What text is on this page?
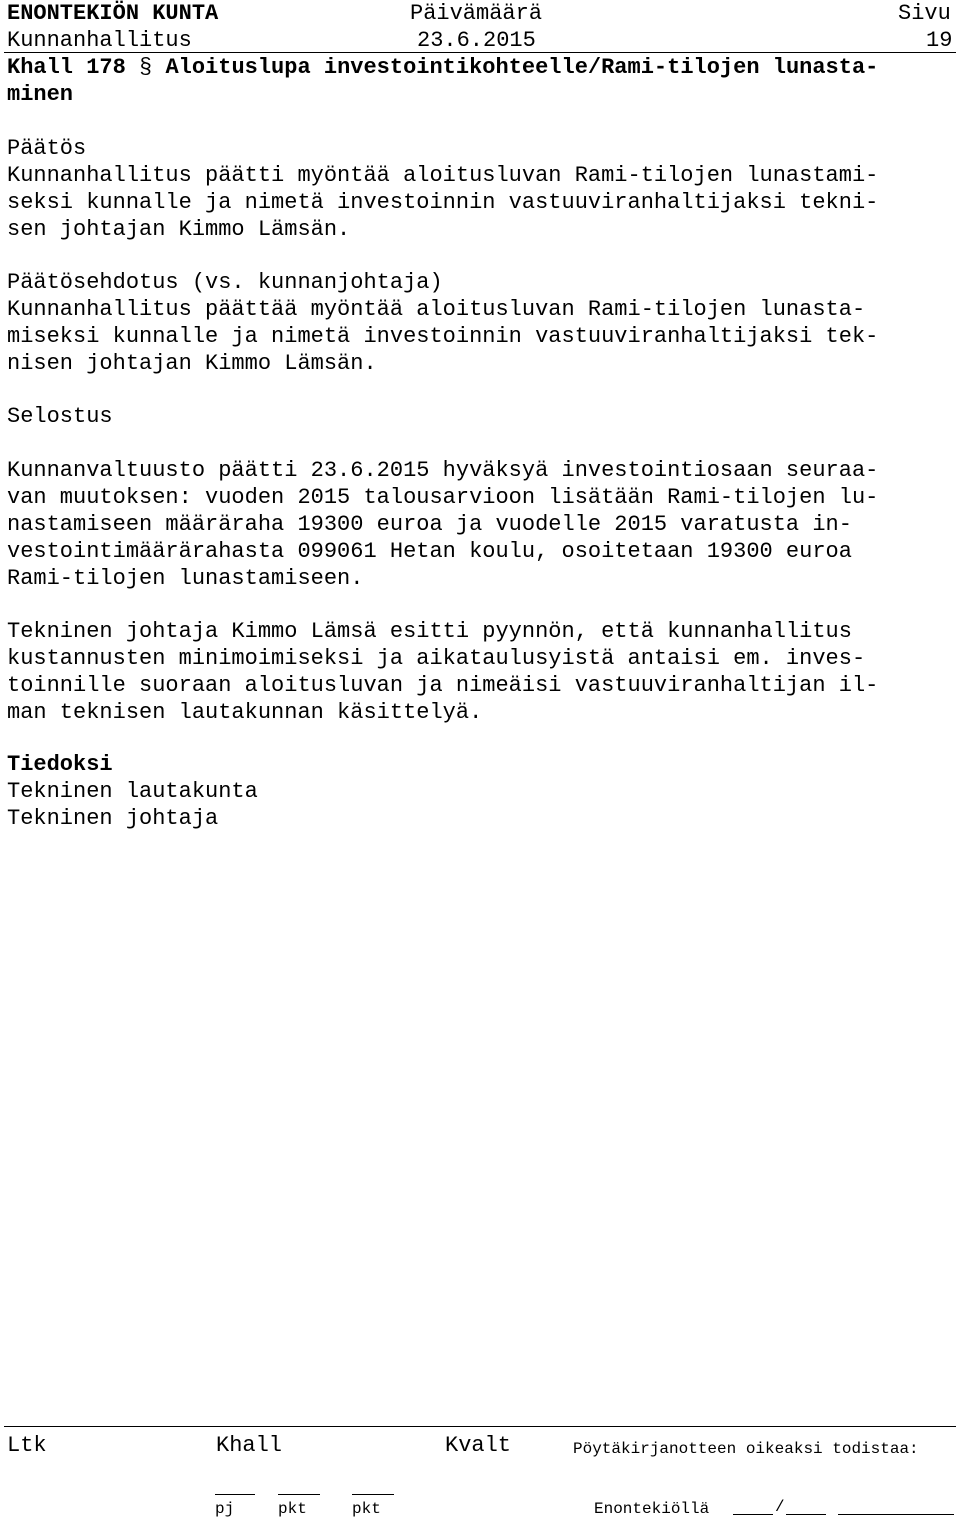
ENONTEKIÖN KUNTA	Päivämäärä	Sivu
Kunnanhallitus	23.6.2015	19
Khall 178 § Aloituslupa investointikohteelle/Rami-tilojen lunasta-
minen
Päätös
Kunnanhallitus päätti myöntää aloitusluvan Rami-tilojen lunastami-
seksi kunnalle ja nimetä investoinnin vastuuviranhaltijaksi tekni-
sen johtajan Kimmo Lämsän.
Päätösehdotus (vs. kunnanjohtaja)
Kunnanhallitus päättää myöntää aloitusluvan Rami-tilojen lunasta-
miseksi kunnalle ja nimetä investoinnin vastuuviranhaltijaksi tek-
nisen johtajan Kimmo Lämsän.
Selostus
Kunnanvaltuusto päätti 23.6.2015 hyväksyä investointiosaan seuraa-
van muutoksen: vuoden 2015 talousarvioon lisätään Rami-tilojen lu-
nastamiseen määräraha 19300 euroa ja vuodelle 2015 varatusta in-
vestointimäärärahasta 099061 Hetan koulu, osoitetaan 19300 euroa
Rami-tilojen lunastamiseen.
Tekninen johtaja Kimmo Lämsä esitti pyynnön, että kunnanhallitus
kustannusten minimoimiseksi ja aikataulusyistä antaisi em. inves-
toinnille suoraan aloitusluvan ja nimeäisi vastuuviranhaltijan il-
man teknisen lautakunnan käsittelyä.
Tiedoksi
Tekninen lautakunta
Tekninen johtaja
Ltk	Khall	Kvalt	Pöytäkirjanotteen oikeaksi todistaa:
pj	pkt	pkt	Enontekiöllä	/
